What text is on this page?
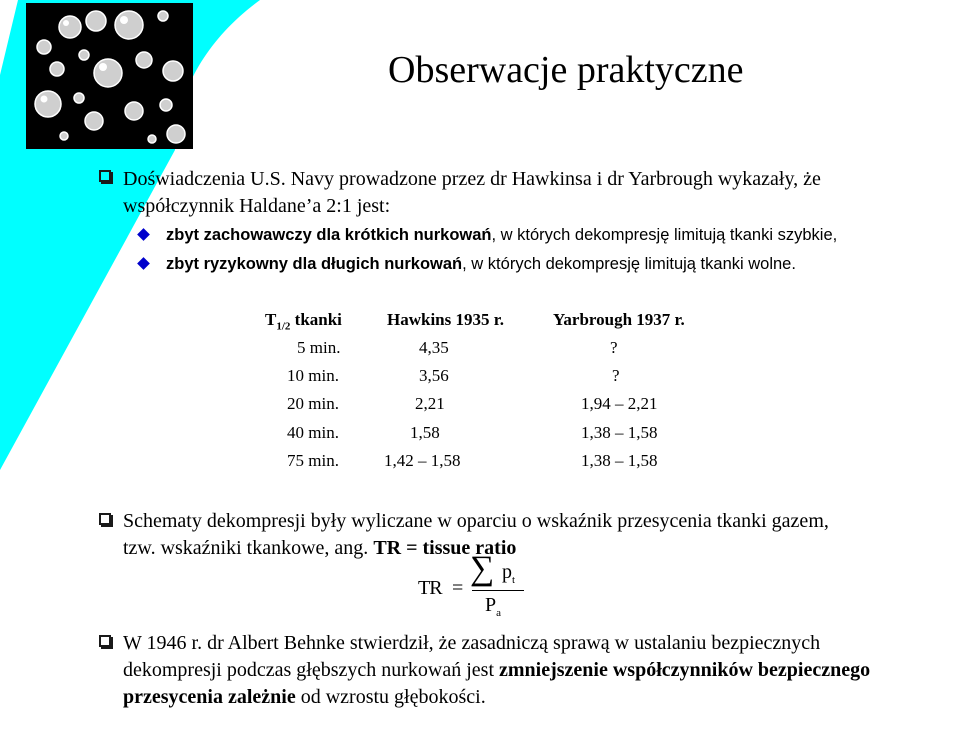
Obserwacje praktyczne
Doświadczenia U.S. Navy prowadzone przez dr Hawkinsa i dr Yarbrough wykazały, że
współczynnik Haldane’a 2:1 jest:
zbyt zachowawczy dla krótkich nurkowań, w których dekompresję limitują tkanki szybkie,
zbyt ryzykowny dla długich nurkowań, w których dekompresję limitują tkanki wolne.
$T_{1/2}$ tkanki	Hawkins 1935 r.	Yarbrough 1937 r.
5 min.	4,35	?
10 min.	3,56	?
20 min.	2,21	1,94 – 2,21
40 min.	1,58	1,38 – 1,58
75 min.	1,42 – 1,58	1,38 – 1,58
Schematy dekompresji były wyliczane w oparciu o wskaźnik przesycenia tkanki gazem,
tzw. wskaźniki tkankowe, ang. TR = tissue ratio
TR =
∑ $p_t$
$P_a$
W 1946 r. dr Albert Behnke stwierdził, że zasadniczą sprawą w ustalaniu bezpiecznych
dekompresji podczas głębszych nurkowań jest zmniejszenie współczynników bezpiecznego
przesycenia zależnie od wzrostu głębokości.
